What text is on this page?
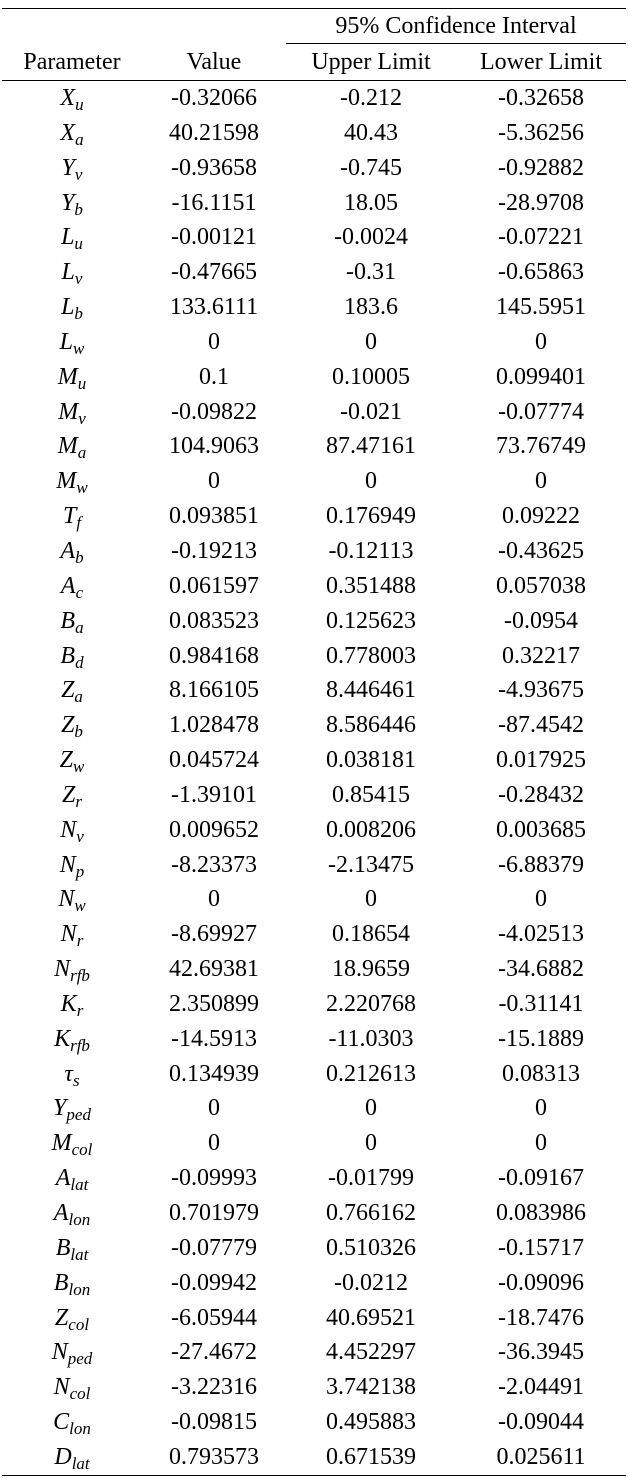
		95% Confidence Interval	
Parameter	Value	Upper Limit	Lower Limit
$X_u$	-0.32066	-0.212	-0.32658
$X_a$	40.21598	40.43	-5.36256
$Y_v$	-0.93658	-0.745	-0.92882
$Y_b$	-16.1151	18.05	-28.9708
$L_u$	-0.00121	-0.0024	-0.07221
$L_v$	-0.47665	-0.31	-0.65863
$L_b$	133.6111	183.6	145.5951
$L_w$	0	0	0
$M_u$	0.1	0.10005	0.099401
$M_v$	-0.09822	-0.021	-0.07774
$M_a$	104.9063	87.47161	73.76749
$M_w$	0	0	0
$T_f$	0.093851	0.176949	0.09222
$A_b$	-0.19213	-0.12113	-0.43625
$A_c$	0.061597	0.351488	0.057038
$B_a$	0.083523	0.125623	-0.0954
$B_d$	0.984168	0.778003	0.32217
$Z_a$	8.166105	8.446461	-4.93675
$Z_b$	1.028478	8.586446	-87.4542
$Z_w$	0.045724	0.038181	0.017925
$Z_r$	-1.39101	0.85415	-0.28432
$N_v$	0.009652	0.008206	0.003685
$N_p$	-8.23373	-2.13475	-6.88379
$N_w$	0	0	0
$N_r$	-8.69927	0.18654	-4.02513
$N_{rfb}$	42.69381	18.9659	-34.6882
$K_r$	2.350899	2.220768	-0.31141
$K_{rfb}$	-14.5913	-11.0303	-15.1889
$\tau_s$	0.134939	0.212613	0.08313
$Y_{ped}$	0	0	0
$M_{col}$	0	0	0
$A_{lat}$	-0.09993	-0.01799	-0.09167
$A_{lon}$	0.701979	0.766162	0.083986
$B_{lat}$	-0.07779	0.510326	-0.15717
$B_{lon}$	-0.09942	-0.0212	-0.09096
$Z_{col}$	-6.05944	40.69521	-18.7476
$N_{ped}$	-27.4672	4.452297	-36.3945
$N_{col}$	-3.22316	3.742138	-2.04491
$C_{lon}$	-0.09815	0.495883	-0.09044
$D_{lat}$	0.793573	0.671539	0.025611
